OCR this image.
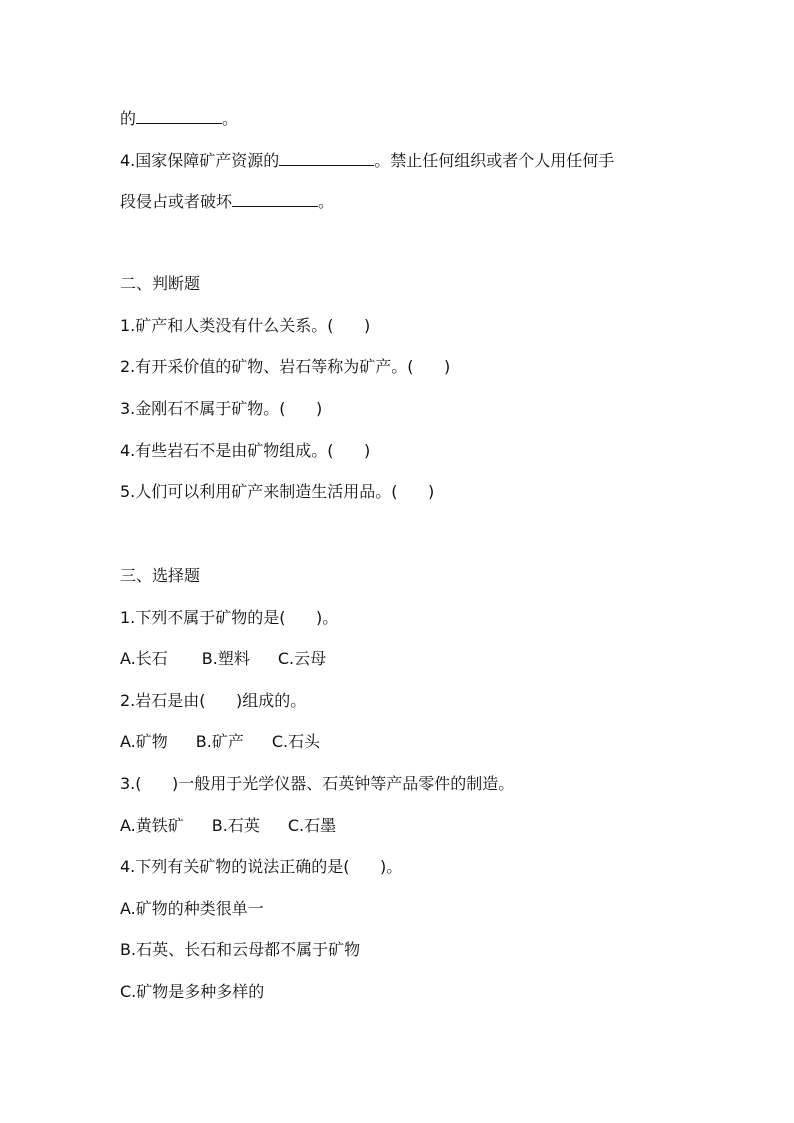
的	。
4.国家保障矿产资源的	。禁止任何组织或者个人用任何手
段侵占或者破坏	。
二、判断题
1.矿产和人类没有什么关系。(      )
2.有开采价值的矿物、岩石等称为矿产。(      )
3.金刚石不属于矿物。(      )
4.有些岩石不是由矿物组成。(      )
5.人们可以利用矿产来制造生活用品。(      )
三、选择题
1.下列不属于矿物的是(      )。
A.长石 B.塑料 C.云母
2.岩石是由(      )组成的。
A.矿物 B.矿产 C.石头
3.(      )一般用于光学仪器、石英钟等产品零件的制造。
A.黄铁矿 B.石英 C.石墨
4.下列有关矿物的说法正确的是(      )。
A.矿物的种类很单一
B.石英、长石和云母都不属于矿物
C.矿物是多种多样的
